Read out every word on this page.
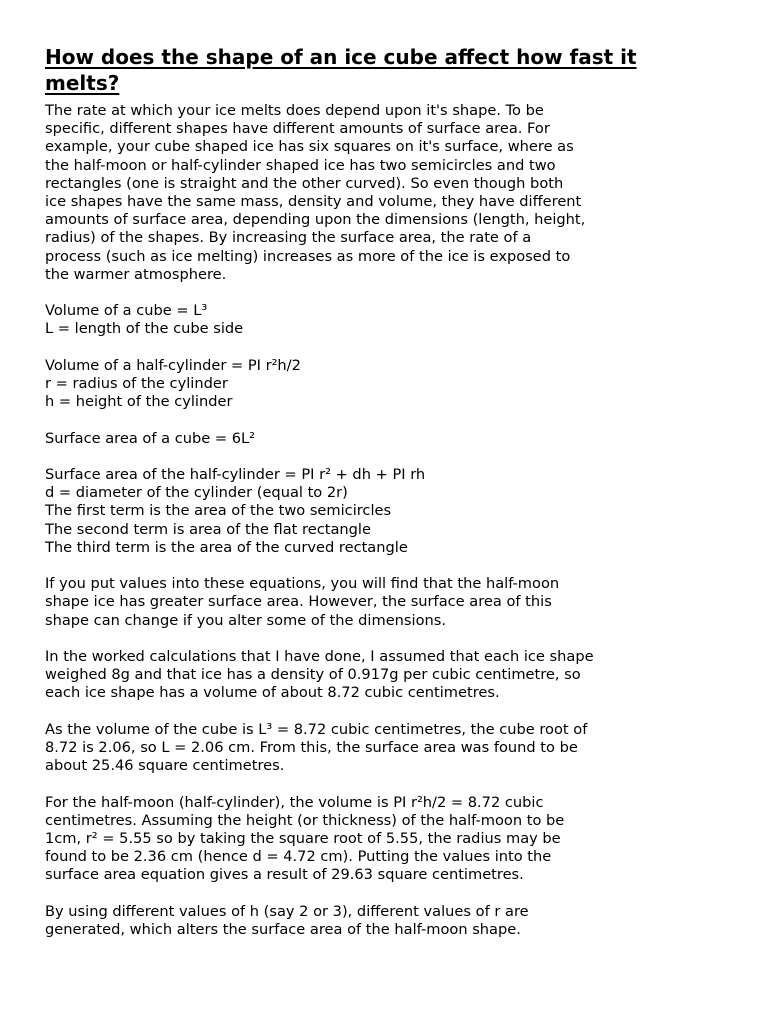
How does the shape of an ice cube affect how fast it
melts?
The rate at which your ice melts does depend upon it's shape. To be
specific, different shapes have different amounts of surface area. For
example, your cube shaped ice has six squares on it's surface, where as
the half-moon or half-cylinder shaped ice has two semicircles and two
rectangles (one is straight and the other curved). So even though both
ice shapes have the same mass, density and volume, they have different
amounts of surface area, depending upon the dimensions (length, height,
radius) of the shapes. By increasing the surface area, the rate of a
process (such as ice melting) increases as more of the ice is exposed to
the warmer atmosphere.
Volume of a cube = L³
L = length of the cube side
Volume of a half-cylinder = PI r²h/2
r = radius of the cylinder
h = height of the cylinder
Surface area of a cube = 6L²
Surface area of the half-cylinder = PI r² + dh + PI rh
d = diameter of the cylinder (equal to 2r)
The first term is the area of the two semicircles
The second term is area of the flat rectangle
The third term is the area of the curved rectangle
If you put values into these equations, you will find that the half-moon
shape ice has greater surface area. However, the surface area of this
shape can change if you alter some of the dimensions.
In the worked calculations that I have done, I assumed that each ice shape
weighed 8g and that ice has a density of 0.917g per cubic centimetre, so
each ice shape has a volume of about 8.72 cubic centimetres.
As the volume of the cube is L³ = 8.72 cubic centimetres, the cube root of
8.72 is 2.06, so L = 2.06 cm. From this, the surface area was found to be
about 25.46 square centimetres.
For the half-moon (half-cylinder), the volume is PI r²h/2 = 8.72 cubic
centimetres. Assuming the height (or thickness) of the half-moon to be
1cm, r² = 5.55 so by taking the square root of 5.55, the radius may be
found to be 2.36 cm (hence d = 4.72 cm). Putting the values into the
surface area equation gives a result of 29.63 square centimetres.
By using different values of h (say 2 or 3), different values of r are
generated, which alters the surface area of the half-moon shape.
